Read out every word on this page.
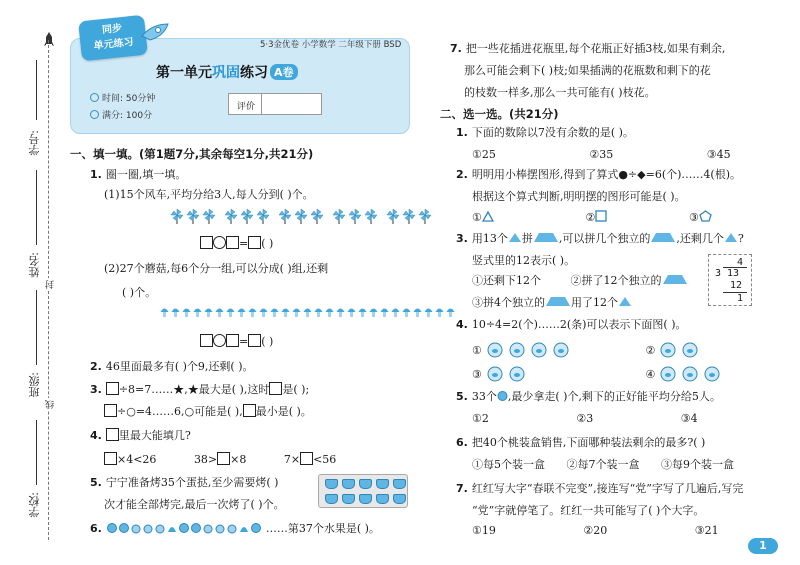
学号:
姓名:
封
班级:
线
学校:
同步
单元练习	5·3金优卷 小学数学 二年级下册 BSD
第一单元巩固练习 A卷
时间: 50分钟
满分: 100分
评价
一、填一填。(第1题7分,其余每空1分,共21分)
1. 圈一圈,填一填。
(1)15个风车,平均分给3人,每人分到( )个。
= ( )
(2)27个蘑菇,每6个分一组,可以分成( )组,还剩
( )个。
= ( )
2. 46里面最多有( )个9,还剩( )。
3. ÷8=7……★,★最大是( ),这时 是( );
÷○=4……6,○可能是( ), 最小是( )。
4. 里最大能填几?
×4<26	38> ×8	7× <56
5. 宁宁准备烤35个蛋挞,至少需要烤( )
次才能全部烤完,最后一次烤了( )个。
6.	……第37个水果是( )。
7. 把一些花插进花瓶里,每个花瓶正好插3枝,如果有剩余,
那么可能会剩下( )枝;如果插满的花瓶数和剩下的花
的枝数一样多,那么一共可能有( )枝花。
二、选一选。(共21分)
1. 下面的数除以7没有余数的是( )。
①25	②35	③45
2. 明明用小棒摆图形,得到了算式●÷◆=6(个)……4(根)。
根据这个算式判断,明明摆的图形可能是( )。
①	②	③
3. 用13个 拼 ,可以拼几个独立的 ,还剩几个 ?
竖式里的12表示( )。
①还剩下12个	②拼了12个独立的
③拼4个独立的 用了12个
4
3 13
12
1
4. 10÷4=2(个)……2(条)可以表示下面图( )。
①	②
③	④
5. 33个 ,最少拿走( )个,剩下的正好能平均分给5人。
①2	②3	③4
6. 把40个桃装盒销售,下面哪种装法剩余的最多?( )
①每5个装一盒 ②每7个装一盒 ③每9个装一盒
7. 红红写大字“春联不完变”,接连写“党”字写了几遍后,写完
“党”字就停笔了。红红一共可能写了( )个大字。
①19	②20	③21
1
